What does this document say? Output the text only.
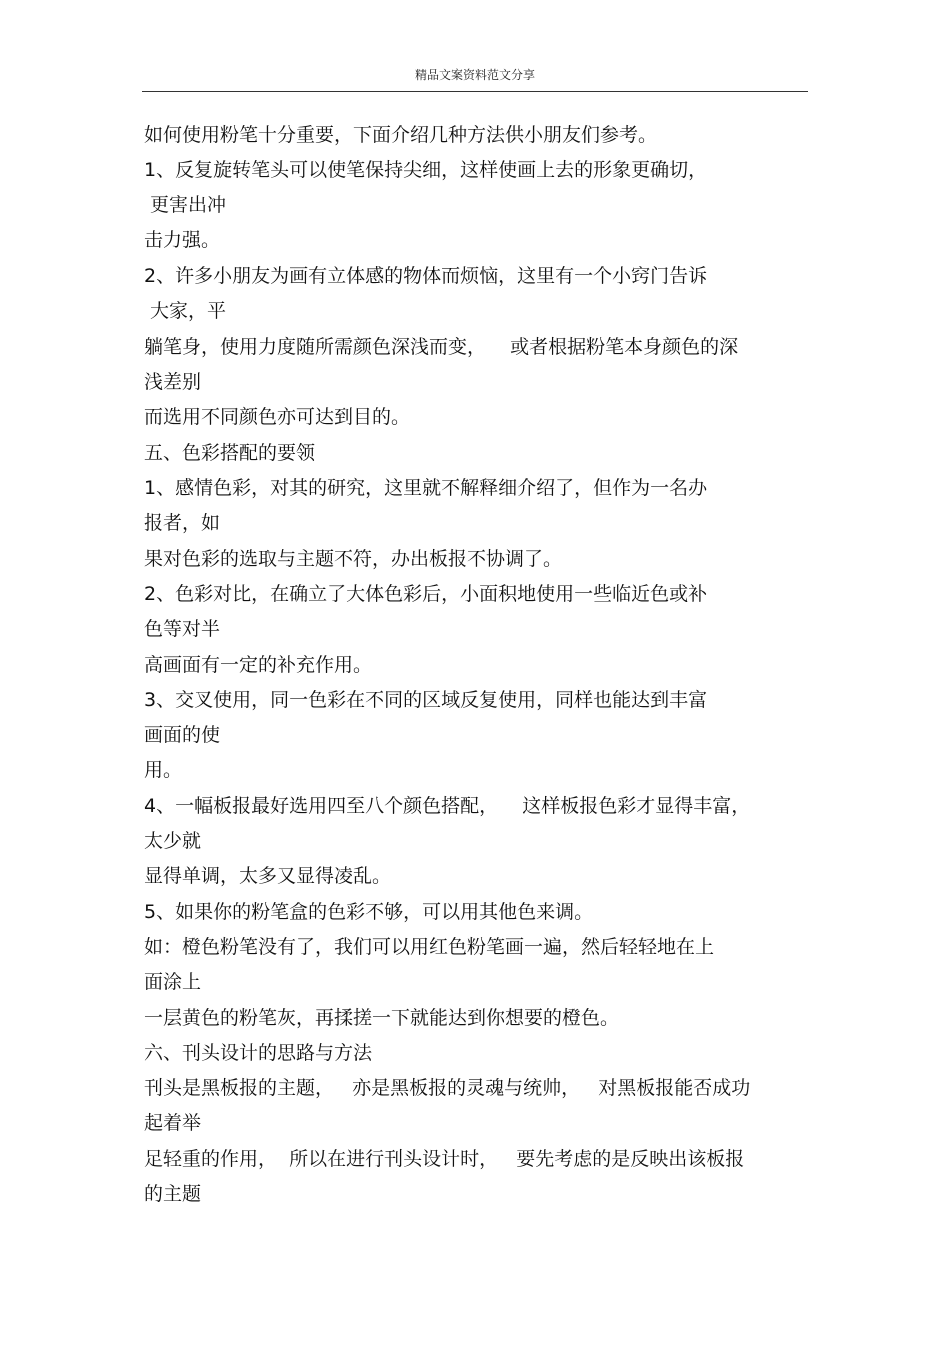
精品文案资料范文分享
如何使用粉笔十分重要，下面介绍几种方法供小朋友们参考。
1、反复旋转笔头可以使笔保持尖细，这样使画上去的形象更确切，
更害出冲
击力强。
2、许多小朋友为画有立体感的物体而烦恼，这里有一个小窍门告诉
大家，平
躺笔身，使用力度随所需颜色深浅而变，    或者根据粉笔本身颜色的深
浅差别
而选用不同颜色亦可达到目的。
五、色彩搭配的要领
1、感情色彩，对其的研究，这里就不解释细介绍了，但作为一名办
报者，如
果对色彩的选取与主题不符，办出板报不协调了。
2、色彩对比，在确立了大体色彩后，小面积地使用一些临近色或补
色等对半
高画面有一定的补充作用。
3、交叉使用，同一色彩在不同的区域反复使用，同样也能达到丰富
画面的使
用。
4、一幅板报最好选用四至八个颜色搭配，    这样板报色彩才显得丰富，
太少就
显得单调，太多又显得凌乱。
5、如果你的粉笔盒的色彩不够，可以用其他色来调。
如：橙色粉笔没有了，我们可以用红色粉笔画一遍，然后轻轻地在上
面涂上
一层黄色的粉笔灰，再揉搓一下就能达到你想要的橙色。
六、刊头设计的思路与方法
刊头是黑板报的主题，   亦是黑板报的灵魂与统帅，   对黑板报能否成功
起着举
足轻重的作用，  所以在进行刊头设计时，   要先考虑的是反映出该板报
的主题
